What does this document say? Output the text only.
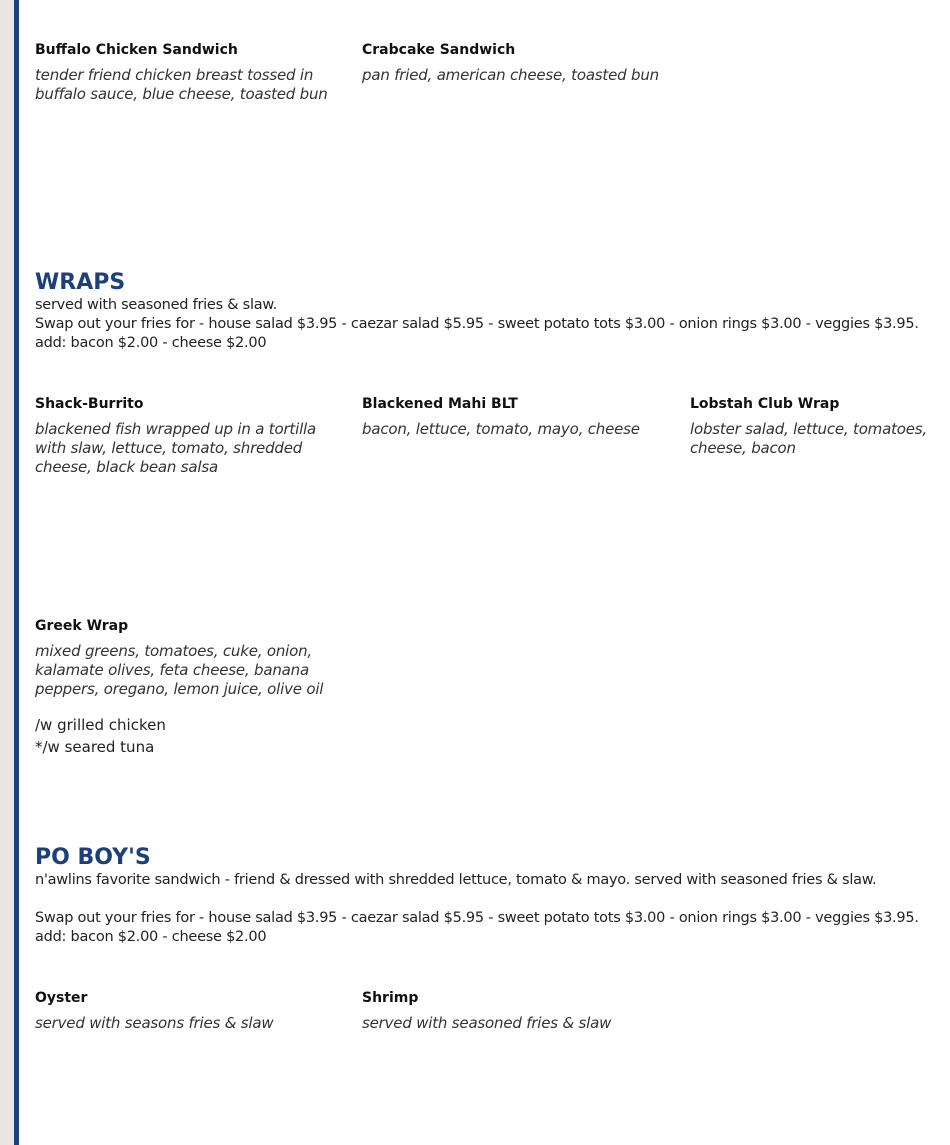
Buffalo Chicken Sandwich

tender friend chicken breast tossed in buffalo sauce, blue cheese, toasted bun

Crabcake Sandwich

pan fried, american cheese, toasted bun

WRAPS

served with seasoned fries & slaw.

Swap out your fries for - house salad $3.95 - caezar salad $5.95 - sweet potato tots $3.00 - onion rings $3.00 - veggies $3.95.

add: bacon $2.00 - cheese $2.00

Shack-Burrito

blackened fish wrapped up in a tortilla with slaw, lettuce, tomato, shredded cheese, black bean salsa

Blackened Mahi BLT

bacon, lettuce, tomato, mayo, cheese

Lobstah Club Wrap

lobster salad, lettuce, tomatoes, cheese, bacon

Greek Wrap

mixed greens, tomatoes, cuke, onion, kalamate olives, feta cheese, banana peppers, oregano, lemon juice, olive oil

/w grilled chicken

*/w seared tuna

PO BOY'S

n'awlins favorite sandwich - friend & dressed with shredded lettuce, tomato & mayo. served with seasoned fries & slaw.

Swap out your fries for - house salad $3.95 - caezar salad $5.95 - sweet potato tots $3.00 - onion rings $3.00 - veggies $3.95.

add: bacon $2.00 - cheese $2.00

Oyster

served with seasons fries & slaw

Shrimp

served with seasoned fries & slaw
